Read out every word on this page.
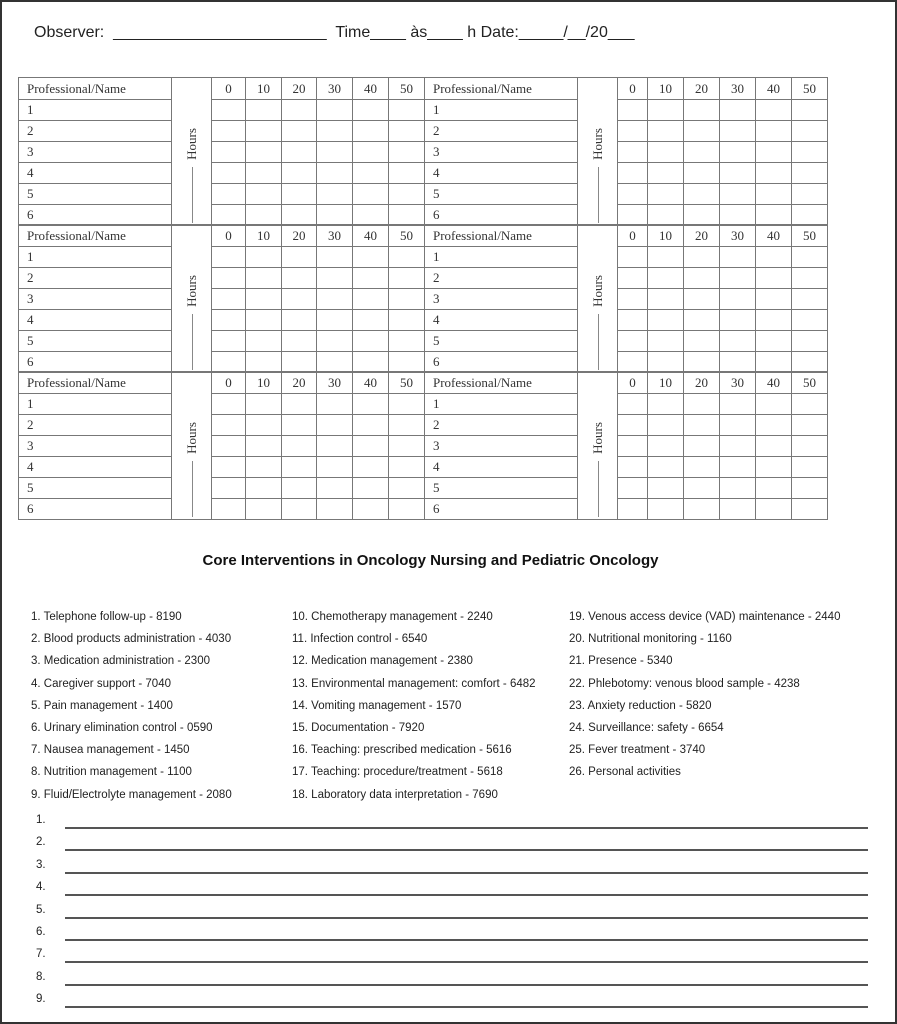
Observer: ________________________ Time____ às____ h Date:_____/__/20___
Professional/Name	Hours	0	10	20	30	40	50
1							
2							
3							
4							
5							
6							
Professional/Name	Hours	0	10	20	30	40	50
1							
2							
3							
4							
5							
6							
Professional/Name	Hours	0	10	20	30	40	50
1							
2							
3							
4							
5							
6							
Professional/Name	Hours	0	10	20	30	40	50
1							
2							
3							
4							
5							
6							
Professional/Name	Hours	0	10	20	30	40	50
1							
2							
3							
4							
5							
6							
Professional/Name	Hours	0	10	20	30	40	50
1							
2							
3							
4							
5							
6							
Core Interventions in Oncology Nursing and Pediatric Oncology
1. Telephone follow-up - 8190
2. Blood products administration - 4030
3. Medication administration - 2300
4. Caregiver support - 7040
5. Pain management - 1400
6. Urinary elimination control - 0590
7. Nausea management - 1450
8. Nutrition management - 1100
9. Fluid/Electrolyte management - 2080
10. Chemotherapy management - 2240
11. Infection control - 6540
12. Medication management - 2380
13. Environmental management: comfort - 6482
14. Vomiting management - 1570
15. Documentation - 7920
16. Teaching: prescribed medication - 5616
17. Teaching: procedure/treatment - 5618
18. Laboratory data interpretation - 7690
19. Venous access device (VAD) maintenance - 2440
20. Nutritional monitoring - 1160
21. Presence - 5340
22. Phlebotomy: venous blood sample - 4238
23. Anxiety reduction - 5820
24. Surveillance: safety - 6654
25. Fever treatment - 3740
26. Personal activities
1.
2.
3.
4.
5.
6.
7.
8.
9.
